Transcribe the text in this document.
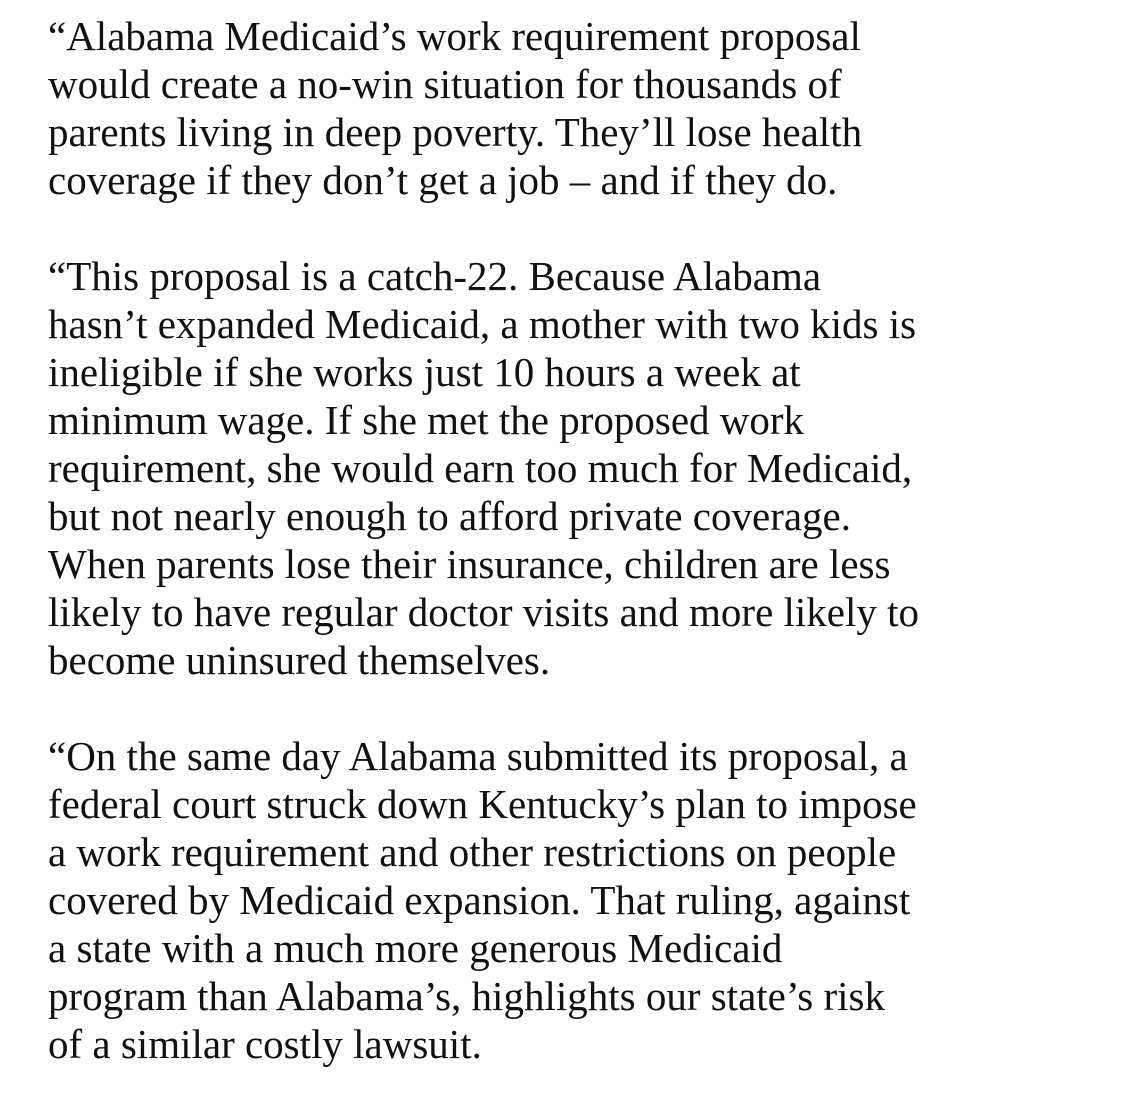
“Alabama Medicaid’s work requirement proposal
would create a no-win situation for thousands of
parents living in deep poverty. They’ll lose health
coverage if they don’t get a job – and if they do.

“This proposal is a catch-22. Because Alabama
hasn’t expanded Medicaid, a mother with two kids is
ineligible if she works just 10 hours a week at
minimum wage. If she met the proposed work
requirement, she would earn too much for Medicaid,
but not nearly enough to afford private coverage.
When parents lose their insurance, children are less
likely to have regular doctor visits and more likely to
become uninsured themselves.

“On the same day Alabama submitted its proposal, a
federal court struck down Kentucky’s plan to impose
a work requirement and other restrictions on people
covered by Medicaid expansion. That ruling, against
a state with a much more generous Medicaid
program than Alabama’s, highlights our state’s risk
of a similar costly lawsuit.
